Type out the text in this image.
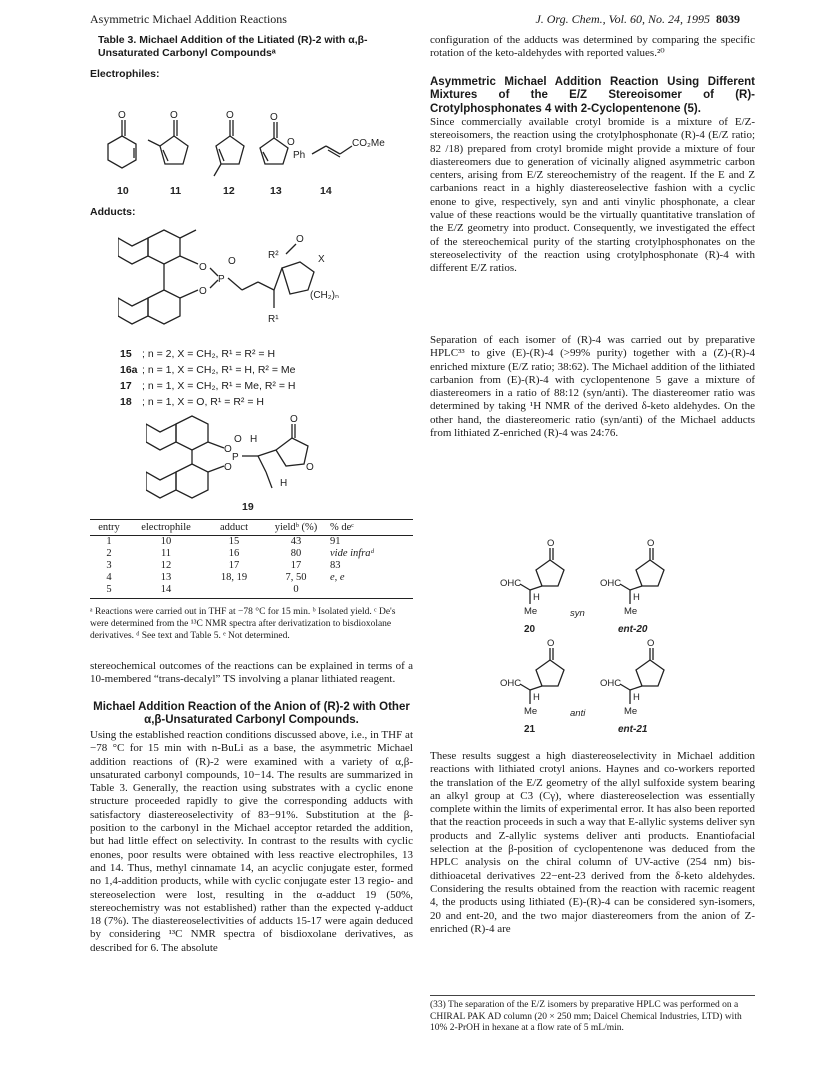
Asymmetric Michael Addition Reactions	J. Org. Chem., Vol. 60, No. 24, 1995 8039
Table 3. Michael Addition of the Litiated (R)-2 with α,β-Unsaturated Carbonyl Compoundsᵃ
Electrophiles:
O	O	O	O
O
Ph
CO₂Me
10	11	12	13	14
Adducts:
O
O
P
O
R²
O
X
(CH₂)ₙ
R¹
15 ; n = 2, X = CH₂, R¹ = R² = H
16a ; n = 1, X = CH₂, R¹ = H, R² = Me
17 ; n = 1, X = CH₂, R¹ = Me, R² = H
18 ; n = 1, X = O, R¹ = R² = H
O
O
P
O H
O
O
H
19
entry	electrophile	adduct	yieldᵇ (%)	% deᶜ
1	10	15	43	91
2	11	16	80	vide infraᵈ
3	12	17	17	83
4	13	18, 19	7, 50	e, e
5	14		0	
ᵃ Reactions were carried out in THF at −78 °C for 15 min. ᵇ Isolated yield. ᶜ De's were determined from the ¹³C NMR spectra after derivatization to bisdioxolane derivatives. ᵈ See text and Table 5. ᵉ Not determined.
stereochemical outcomes of the reactions can be explained in terms of a 10-membered “trans-decalyl” TS involving a planar lithiated reagent.
Michael Addition Reaction of the Anion of (R)-2 with Other α,β-Unsaturated Carbonyl Compounds.
Using the established reaction conditions discussed above, i.e., in THF at −78 °C for 15 min with n-BuLi as a base, the asymmetric Michael addition reactions of (R)-2 were examined with a variety of α,β-unsaturated carbonyl compounds, 10−14. The results are summarized in Table 3. Generally, the reaction using substrates with a cyclic enone structure proceeded rapidly to give the corresponding adducts with satisfactory diastereoselectivity of 83−91%. Substitution at the β-position to the carbonyl in the Michael acceptor retarded the addition, but had little effect on selectivity. In contrast to the results with cyclic enones, poor results were obtained with less reactive electrophiles, 13 and 14. Thus, methyl cinnamate 14, an acyclic conjugate ester, formed no 1,4-addition products, while with cyclic conjugate ester 13 regio- and stereoselection were lost, resulting in the α-adduct 19 (50%, stereochemistry was not established) rather than the expected γ-adduct 18 (7%). The diastereoselectivities of adducts 15-17 were again deduced by considering ¹³C NMR spectra of bisdioxolane derivatives, as described for 6. The absolute
configuration of the adducts was determined by comparing the specific rotation of the keto-aldehydes with reported values.²⁰
Asymmetric Michael Addition Reaction Using Different Mixtures of the E/Z Stereoisomer of (R)-Crotylphosphonates 4 with 2-Cyclopentenone (5).
Since commercially available crotyl bromide is a mixture of E/Z-stereoisomers, the reaction using the crotylphosphonate (R)-4 (E/Z ratio; 82 /18) prepared from crotyl bromide might provide a mixture of four diastereomers due to generation of vicinally aligned asymmetric carbon centers, arising from E/Z stereochemistry of the reagent. If the E and Z carbanions react in a highly diastereoselective fashion with a cyclic enone to give, respectively, syn and anti vinylic phosphonate, a clear value of these reactions would be the virtually quantitative translation of the E/Z geometry into product. Consequently, we investigated the effect of the stereochemical purity of the starting crotylphosphonates on the stereoselectivity of the reaction using crotylphosphonate (R)-4 with different E/Z ratios.
Separation of each isomer of (R)-4 was carried out by preparative HPLC³³ to give (E)-(R)-4 (>99% purity) together with a (Z)-(R)-4 enriched mixture (E/Z ratio; 38:62). The Michael addition of the lithiated carbanion from (E)-(R)-4 with cyclopentenone 5 gave a mixture of diastereomers in a ratio of 88:12 (syn/anti). The diastereomer ratio was determined by taking ¹H NMR of the derived δ-keto aldehydes. On the other hand, the diastereomeric ratio (syn/anti) of the Michael adducts from lithiated Z-enriched (R)-4 was 24:76.
O
OHC
H
Me
O
OHC
H
Me
O
OHC
H
Me
O
OHC
H
Me
syn
anti
20	ent-20
21	ent-21
These results suggest a high diastereoselectivity in Michael addition reactions with lithiated crotyl anions. Haynes and co-workers reported the translation of the E/Z geometry of the allyl sulfoxide system bearing an alkyl group at C3 (Cγ), where diastereoselection was essentially complete within the limits of experimental error. It has also been reported that the reaction proceeds in such a way that E-allylic systems deliver syn products and Z-allylic systems deliver anti products. Enantiofacial selection at the β-position of cyclopentenone was deduced from the HPLC analysis on the chiral column of UV-active (254 nm) bis-dithioacetal derivatives 22−ent-23 derived from the δ-keto aldehydes. Considering the results obtained from the reaction with racemic reagent 4, the products using lithiated (E)-(R)-4 can be considered syn-isomers, 20 and ent-20, and the two major diastereomers from the anion of Z-enriched (R)-4 are
(33) The separation of the E/Z isomers by preparative HPLC was performed on a CHIRAL PAK AD column (20 × 250 mm; Daicel Chemical Industries, LTD) with 10% 2-PrOH in hexane at a flow rate of 5 mL/min.
